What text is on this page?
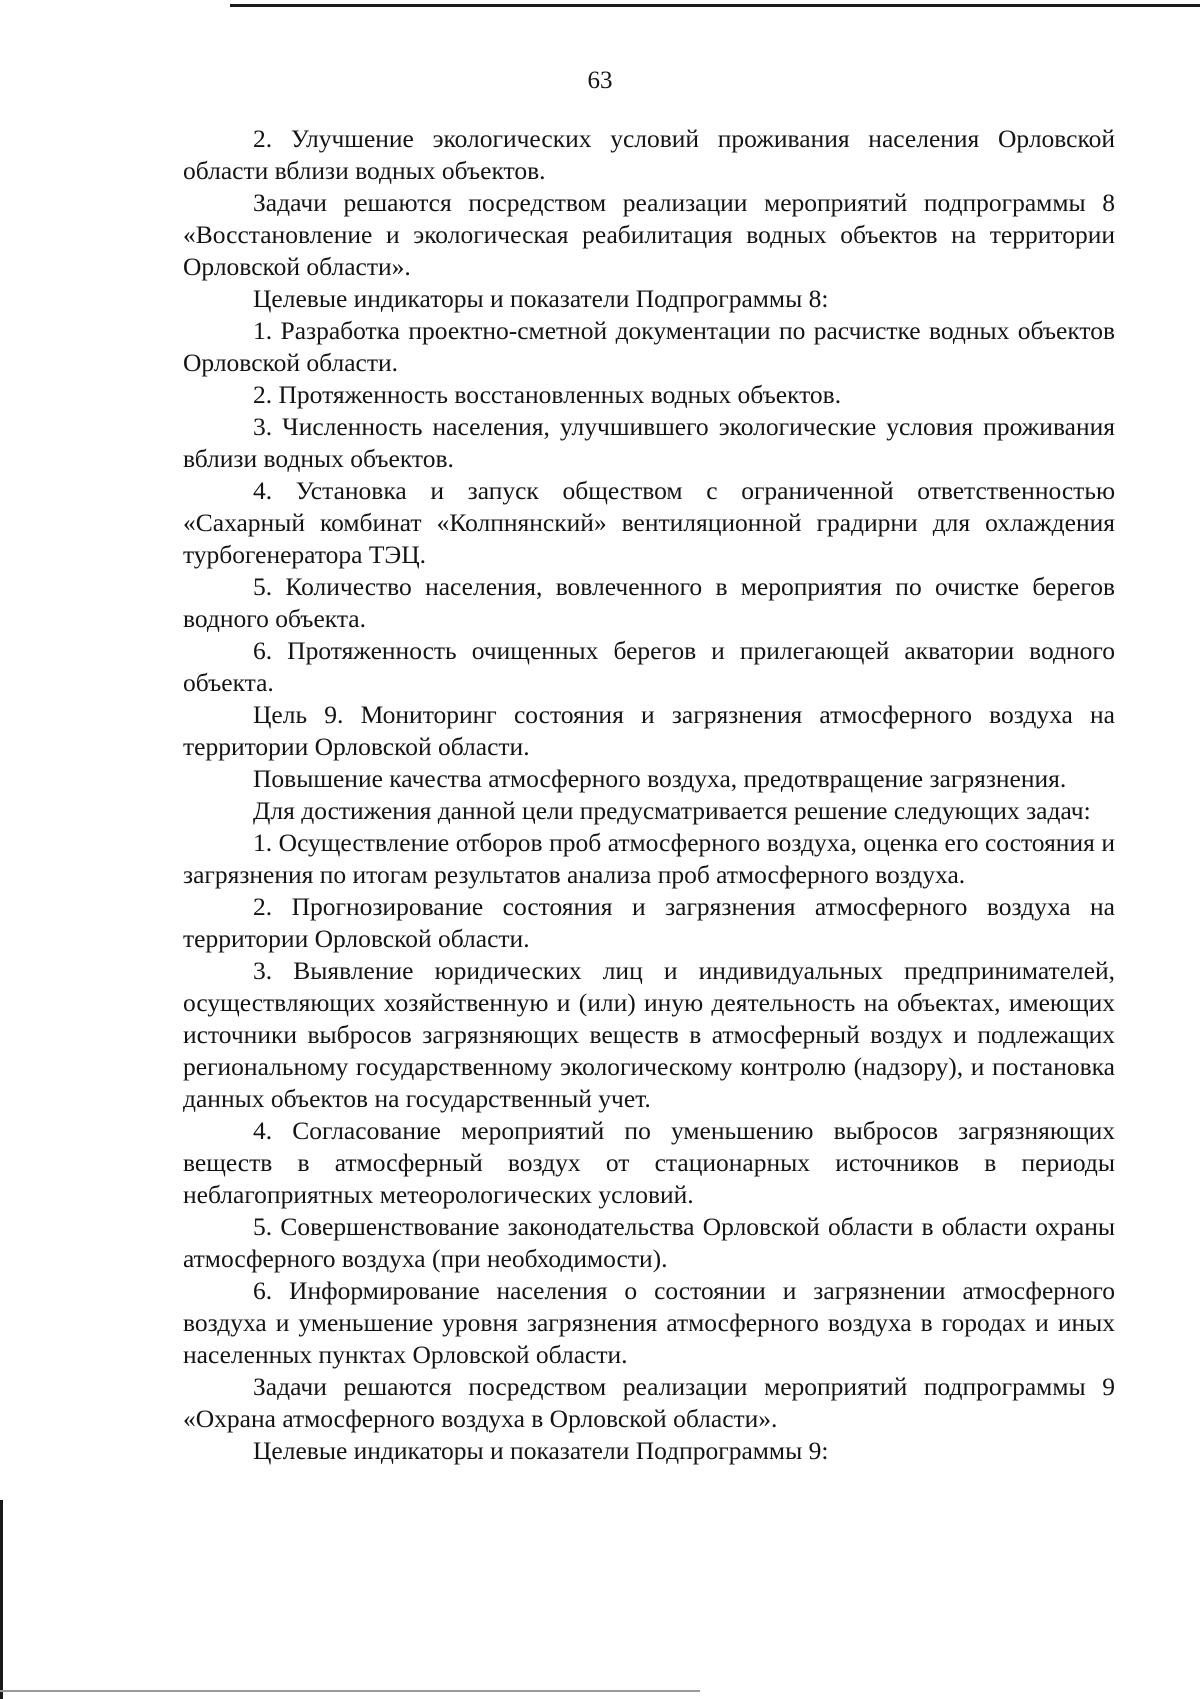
63

2. Улучшение экологических условий проживания населения Орловской области вблизи водных объектов.

Задачи решаются посредством реализации мероприятий подпрограммы 8 «Восстановление и экологическая реабилитация водных объектов на территории Орловской области».

Целевые индикаторы и показатели Подпрограммы 8:

1. Разработка проектно-сметной документации по расчистке водных объектов Орловской области.

2. Протяженность восстановленных водных объектов.

3. Численность населения, улучшившего экологические условия проживания вблизи водных объектов.

4. Установка и запуск обществом с ограниченной ответственностью «Сахарный комбинат «Колпнянский» вентиляционной градирни для охлаждения турбогенератора ТЭЦ.

5. Количество населения, вовлеченного в мероприятия по очистке берегов водного объекта.

6. Протяженность очищенных берегов и прилегающей акватории водного объекта.

Цель 9. Мониторинг состояния и загрязнения атмосферного воздуха на территории Орловской области.

Повышение качества атмосферного воздуха, предотвращение загрязнения.

Для достижения данной цели предусматривается решение следующих задач:

1. Осуществление отборов проб атмосферного воздуха, оценка его состояния и загрязнения по итогам результатов анализа проб атмосферного воздуха.

2. Прогнозирование состояния и загрязнения атмосферного воздуха на территории Орловской области.

3. Выявление юридических лиц и индивидуальных предпринимателей, осуществляющих хозяйственную и (или) иную деятельность на объектах, имеющих источники выбросов загрязняющих веществ в атмосферный воздух и подлежащих региональному государственному экологическому контролю (надзору), и постановка данных объектов на государственный учет.

4. Согласование мероприятий по уменьшению выбросов загрязняющих веществ в атмосферный воздух от стационарных источников в периоды неблагоприятных метеорологических условий.

5. Совершенствование законодательства Орловской области в области охраны атмосферного воздуха (при необходимости).

6. Информирование населения о состоянии и загрязнении атмосферного воздуха и уменьшение уровня загрязнения атмосферного воздуха в городах и иных населенных пунктах Орловской области.

Задачи решаются посредством реализации мероприятий подпрограммы 9 «Охрана атмосферного воздуха в Орловской области».

Целевые индикаторы и показатели Подпрограммы 9:
